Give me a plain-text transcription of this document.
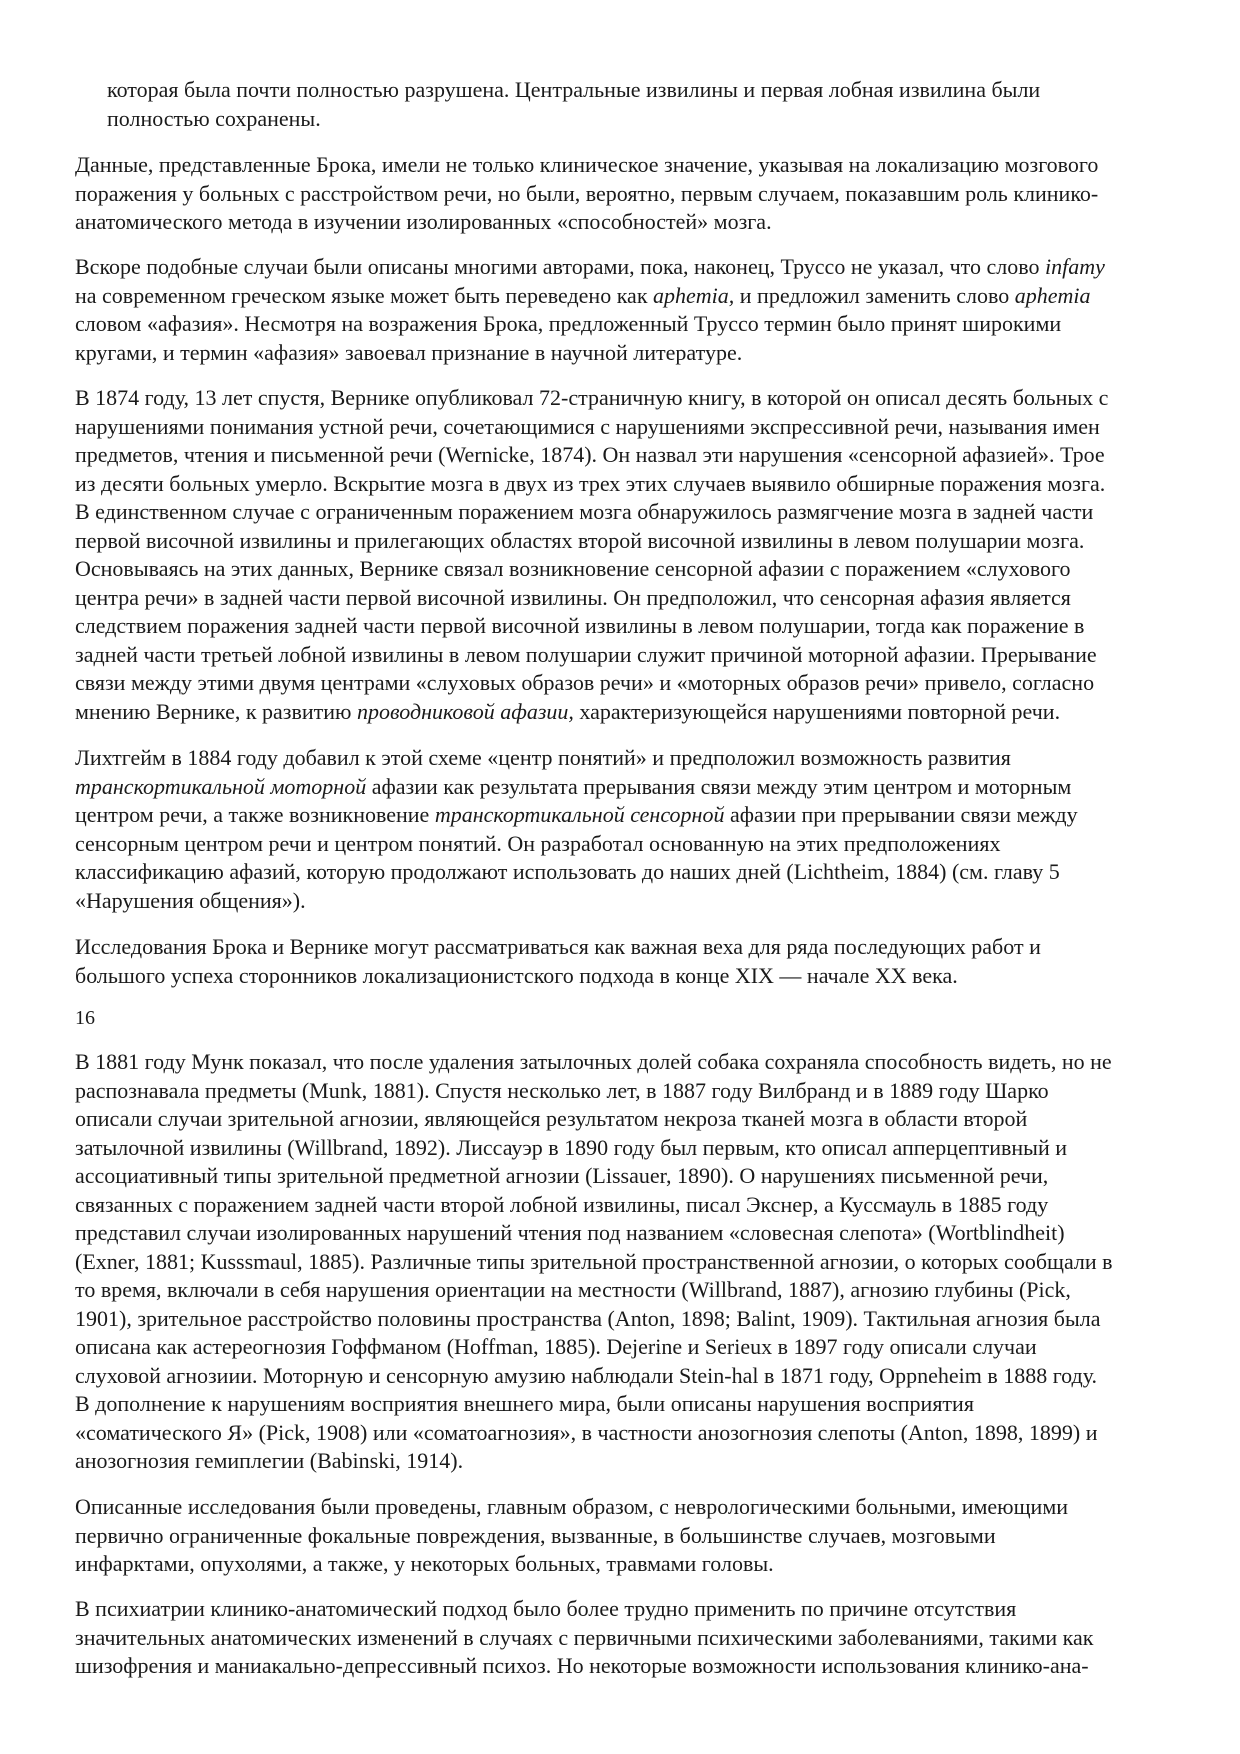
которая была почти полностью разрушена. Центральные извилины и первая лобная извилина были
полностью сохранены.
Данные, представленные Брока, имели не только клиническое значение, указывая на локализацию мозгового
поражения у больных с расстройством речи, но были, вероятно, первым случаем, показавшим роль клинико-
анатомического метода в изучении изолированных «способностей» мозга.
Вскоре подобные случаи были описаны многими авторами, пока, наконец, Труссо не указал, что слово infamy
на современном греческом языке может быть переведено как aphemia, и предложил заменить слово aphemia
словом «афазия». Несмотря на возражения Брока, предложенный Труссо термин было принят широкими
кругами, и термин «афазия» завоевал признание в научной литературе.
В 1874 году, 13 лет спустя, Вернике опубликовал 72-страничную книгу, в которой он описал десять больных с
нарушениями понимания устной речи, сочетающимися с нарушениями экспрессивной речи, называния имен
предметов, чтения и письменной речи (Wernicke, 1874). Он назвал эти нарушения «сенсорной афазией». Трое
из десяти больных умерло. Вскрытие мозга в двух из трех этих случаев выявило обширные поражения мозга.
В единственном случае с ограниченным поражением мозга обнаружилось размягчение мозга в задней части
первой височной извилины и прилегающих областях второй височной извилины в левом полушарии мозга.
Основываясь на этих данных, Вернике связал возникновение сенсорной афазии с поражением «слухового
центра речи» в задней части первой височной извилины. Он предположил, что сенсорная афазия является
следствием поражения задней части первой височной извилины в левом полушарии, тогда как поражение в
задней части третьей лобной извилины в левом полушарии служит причиной моторной афазии. Прерывание
связи между этими двумя центрами «слуховых образов речи» и «моторных образов речи» привело, согласно
мнению Вернике, к развитию проводниковой афазии, характеризующейся нарушениями повторной речи.
Лихтгейм в 1884 году добавил к этой схеме «центр понятий» и предположил возможность развития
транскортикальной моторной афазии как результата прерывания связи между этим центром и моторным
центром речи, а также возникновение транскортикальной сенсорной афазии при прерывании связи между
сенсорным центром речи и центром понятий. Он разработал основанную на этих предположениях
классификацию афазий, которую продолжают использовать до наших дней (Lichtheim, 1884) (см. главу 5
«Нарушения общения»).
Исследования Брока и Вернике могут рассматриваться как важная веха для ряда последующих работ и
большого успеха сторонников локализационистского подхода в конце XIX — начале XX века.
В 1881 году Мунк показал, что после удаления затылочных долей собака сохраняла способность видеть, но не
распознавала предметы (Munk, 1881). Спустя несколько лет, в 1887 году Вилбранд и в 1889 году Шарко
описали случаи зрительной агнозии, являющейся результатом некроза тканей мозга в области второй
затылочной извилины (Willbrand, 1892). Лиссауэр в 1890 году был первым, кто описал апперцептивный и
ассоциативный типы зрительной предметной агнозии (Lissauer, 1890). О нарушениях письменной речи,
связанных с поражением задней части второй лобной извилины, писал Экснер, а Куссмауль в 1885 году
представил случаи изолированных нарушений чтения под названием «словесная слепота» (Wortblindheit)
(Exner, 1881; Kusssmaul, 1885). Различные типы зрительной пространственной агнозии, о которых сообщали в
то время, включали в себя нарушения ориентации на местности (Willbrand, 1887), агнозию глубины (Pick,
1901), зрительное расстройство половины пространства (Anton, 1898; Balint, 1909). Тактильная агнозия была
описана как астереогнозия Гоффманом (Hoffman, 1885). Dejerine и Serieux в 1897 году описали случаи
слуховой агнозиии. Моторную и сенсорную амузию наблюдали Stein-hal в 1871 году, Oppneheim в 1888 году.
В дополнение к нарушениям восприятия внешнего мира, были описаны нарушения восприятия
«соматического Я» (Pick, 1908) или «соматоагнозия», в частности анозогнозия слепоты (Anton, 1898, 1899) и
анозогнозия гемиплегии (Babinski, 1914).
Описанные исследования были проведены, главным образом, с неврологическими больными, имеющими
первично ограниченные фокальные повреждения, вызванные, в большинстве случаев, мозговыми
инфарктами, опухолями, а также, у некоторых больных, травмами головы.
В психиатрии клинико-анатомический подход было более трудно применить по причине отсутствия
значительных анатомических изменений в случаях с первичными психическими заболеваниями, такими как
шизофрения и маниакально-депрессивный психоз. Но некоторые возможности использования клинико-ана-
16
